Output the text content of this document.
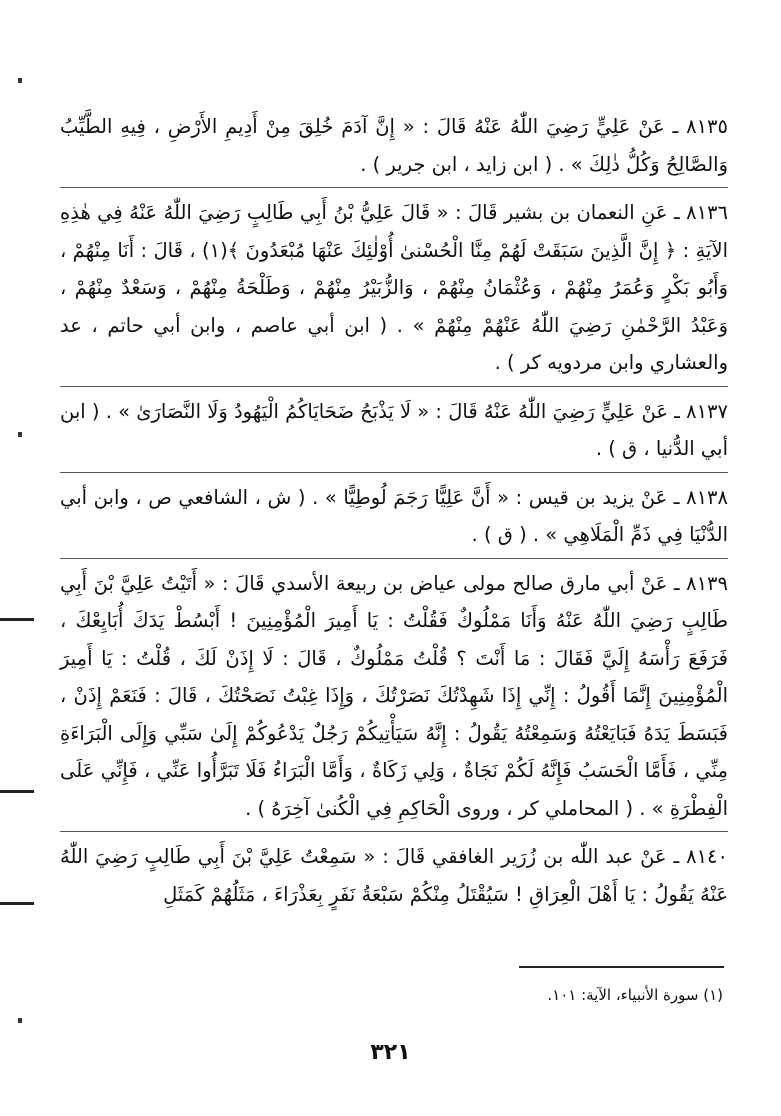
٨١٣٥ ـ عَنْ عَلِيٍّ رَضِيَ اللّٰهُ عَنْهُ قَالَ : « إِنَّ آدَمَ خُلِقَ مِنْ أَدِيمِ الأَرْضِ ، فِيهِ الطَّيِّبُ وَالصَّالِحُ وَكُلُّ ذٰلِكَ » . ( ابن زايد ، ابن جرير ) .

٨١٣٦ ـ عَنِ النعمان بن بشير قَالَ : « قَالَ عَلِيُّ بْنُ أَبِي طَالِبٍ رَضِيَ اللّٰهُ عَنْهُ فِي هٰذِهِ الآيَةِ : ﴿ إِنَّ الَّذِينَ سَبَقَتْ لَهُمْ مِنَّا الْحُسْنىٰ أُوْلٰئِكَ عَنْهَا مُبْعَدُونَ ﴾(١) ، قَالَ : أَنَا مِنْهُمْ ، وَأَبُو بَكْرٍ وَعُمَرُ مِنْهُمْ ، وَعُثْمَانُ مِنْهُمْ ، وَالزُّبَيْرُ مِنْهُمْ ، وَطَلْحَةُ مِنْهُمْ ، وَسَعْدٌ مِنْهُمْ ، وَعَبْدُ الرَّحْمٰنِ رَضِيَ اللّٰهُ عَنْهُمْ مِنْهُمْ » . ( ابن أبي عاصم ، وابن أبي حاتم ، عد والعشاري وابن مردويه كر ) .

٨١٣٧ ـ عَنْ عَلِيٍّ رَضِيَ اللّٰهُ عَنْهُ قَالَ : « لَا يَذْبَحُ ضَحَايَاكُمُ الْيَهُودُ وَلَا النَّصَارَىٰ » . ( ابن أبي الدُّنيا ، ق ) .

٨١٣٨ ـ عَنْ يزيد بن قيس : « أَنَّ عَلِيًّا رَجَمَ لُوطِيًّا » . ( ش ، الشافعي ص ، وابن أبي الدُّنْيَا فِي ذَمِّ الْمَلَاهِي » . ( ق ) .

٨١٣٩ ـ عَنْ أبي مارق صالح مولى عياض بن ربيعة الأسدي قَالَ : « أَتَيْتُ عَلِيَّ بْنَ أَبِي طَالِبٍ رَضِيَ اللّٰهُ عَنْهُ وَأَنَا مَمْلُوكٌ فَقُلْتُ : يَا أَمِيرَ الْمُؤْمِنِينَ ! أَبْسُطْ يَدَكَ أُبَايِعْكَ ، فَرَفَعَ رَأْسَهُ إِلَيَّ فَقَالَ : مَا أَنْتَ ؟ قُلْتُ مَمْلُوكٌ ، قَالَ : لَا إِذَنْ لَكَ ، قُلْتُ : يَا أَمِيرَ الْمُؤْمِنِينَ إِنَّمَا أَقُولُ : إِنِّي إِذَا شَهِدْتُكَ نَصَرْتُكَ ، وَإِذَا غِبْتُ نَصَحْتُكَ ، قَالَ : فَنَعَمْ إِذَنْ ، فَبَسَطَ يَدَهُ فَبَايَعْتُهُ وَسَمِعْتُهُ يَقُولُ : إِنَّهُ سَيَأْتِيكُمْ رَجُلٌ يَدْعُوكُمْ إِلَىٰ سَبِّي وَإِلَى الْبَرَاءَةِ مِنِّي ، فَأَمَّا الْحَسَبُ فَإِنَّهُ لَكُمْ نَجَاةٌ ، وَلِي زَكَاةٌ ، وَأَمَّا الْبَرَاءُ فَلَا تَبَرَّأُوا عَنِّي ، فَإِنِّي عَلَى الْفِطْرَةِ » . ( المحاملي كر ، وروى الْحَاكِمِ فِي الْكُنىٰ آخِرَهُ ) .

٨١٤٠ ـ عَنْ عبد اللّٰه بن زُرَير الغافقي قَالَ : « سَمِعْتُ عَلِيَّ بْنَ أَبِي طَالِبٍ رَضِيَ اللّٰهُ عَنْهُ يَقُولُ : يَا أَهْلَ الْعِرَاقِ ! سَيُقْتَلُ مِنْكُمْ سَبْعَةُ نَفَرٍ بِعَذْرَاءَ ، مَثَلُهُمْ كَمَثَلِ

(١) سورة الأنبياء، الآية: ١٠١.
٣٢١
